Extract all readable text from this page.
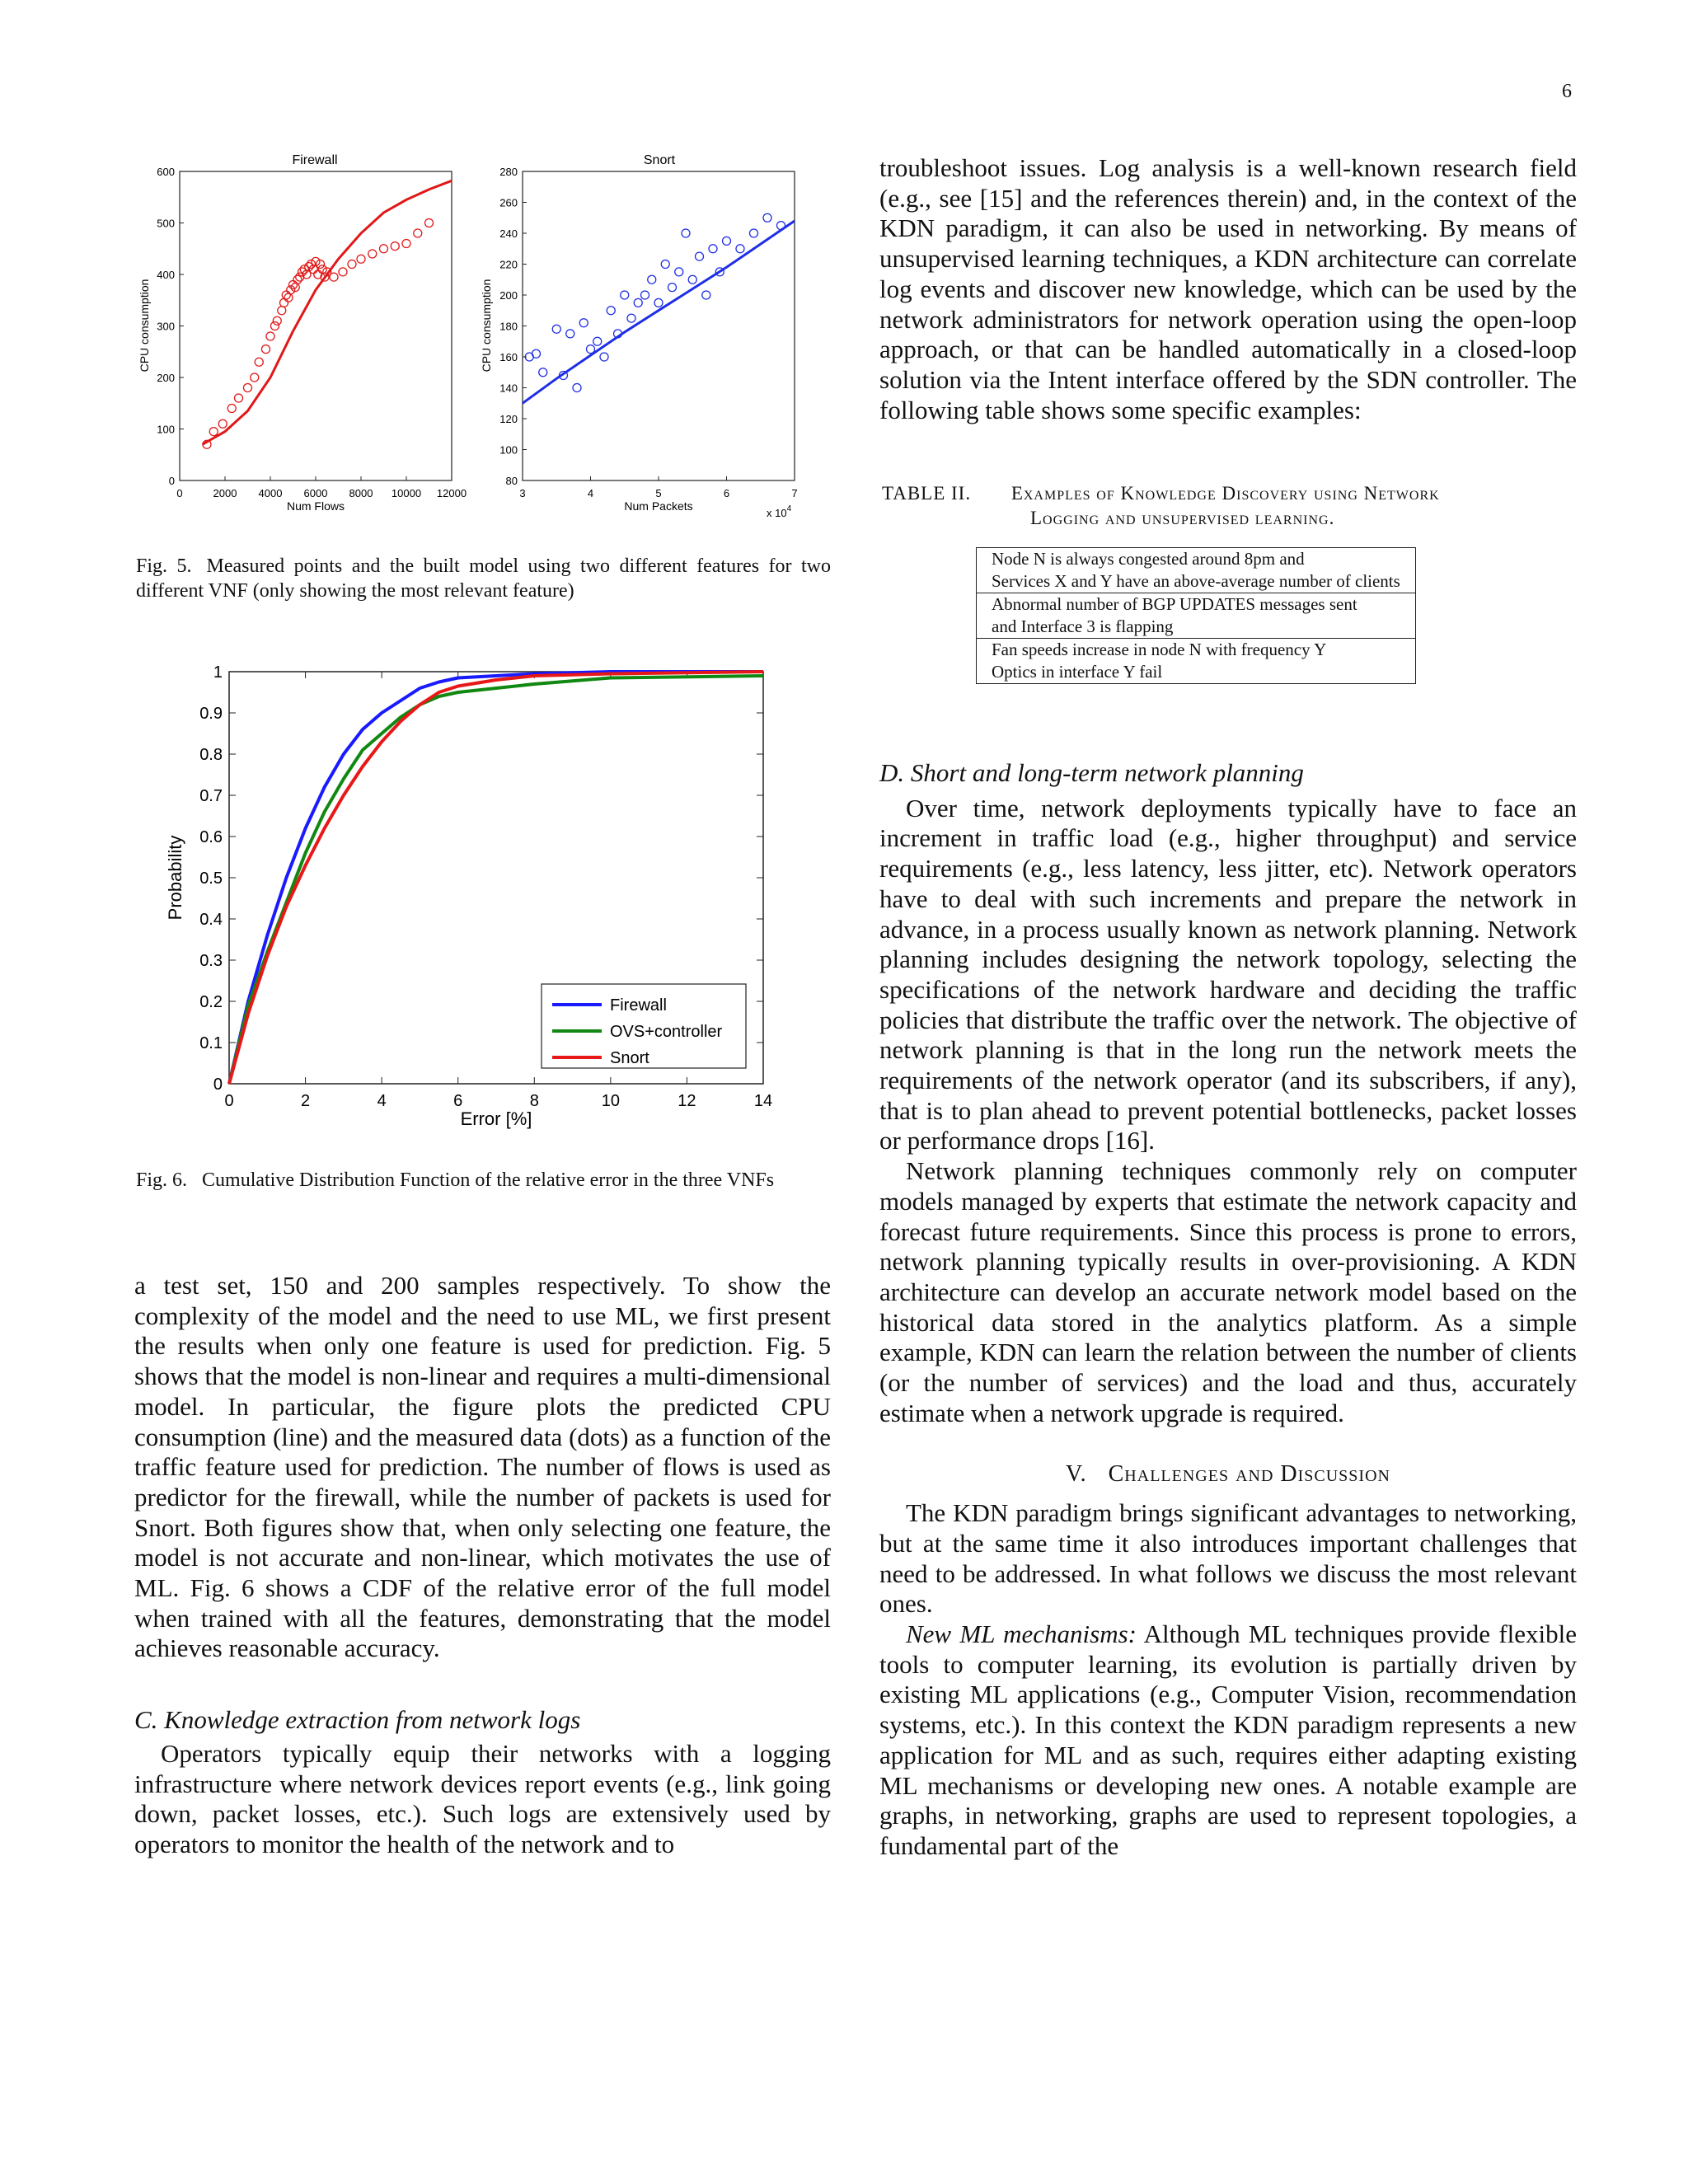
6
Firewall
0	2000 4000 6000 8000 10000 12000
0
100
200
300
400
500
600
Num Flows
CPU consumption
Snort
3	4	5	6	7
80
100
120
140
160
180
200
220
240
260
280
Num Packets
CPU consumption
x $10^4$
Fig. 5. Measured points and the built model using two different features for two different VNF (only showing the most relevant feature)
0	2	4	6	8	10	12	14
0
0.1
0.2
0.3
0.4
0.5
0.6
0.7
0.8
0.9
1
Firewall
OVS+controller
Snort
Error [%]
Probability
Fig. 6. Cumulative Distribution Function of the relative error in the three VNFs

a test set, 150 and 200 samples respectively. To show the complexity of the model and the need to use ML, we first present the results when only one feature is used for prediction. Fig. 5 shows that the model is non-linear and requires a multi-dimensional model. In particular, the figure plots the predicted CPU consumption (line) and the measured data (dots) as a function of the traffic feature used for prediction. The number of flows is used as predictor for the firewall, while the number of packets is used for Snort. Both figures show that, when only selecting one feature, the model is not accurate and non-linear, which motivates the use of ML. Fig. 6 shows a CDF of the relative error of the full model when trained with all the features, demonstrating that the model achieves reasonable accuracy.

C. Knowledge extraction from network logs

Operators typically equip their networks with a logging infrastructure where network devices report events (e.g., link going down, packet losses, etc.). Such logs are extensively used by operators to monitor the health of the network and to

troubleshoot issues. Log analysis is a well-known research field (e.g., see [15] and the references therein) and, in the context of the KDN paradigm, it can also be used in networking. By means of unsupervised learning techniques, a KDN architecture can correlate log events and discover new knowledge, which can be used by the network administrators for network operation using the open-loop approach, or that can be handled automatically in a closed-loop solution via the Intent interface offered by the SDN controller. The following table shows some specific examples:

TABLE II. Examples of Knowledge Discovery using Network
Logging and unsupervised learning.
Node N is always congested around 8pm and
Services X and Y have an above-average number of clients

Abnormal number of BGP UPDATES messages sent
and Interface 3 is flapping

Fan speeds increase in node N with frequency Y
Optics in interface Y fail
D. Short and long-term network planning

Over time, network deployments typically have to face an increment in traffic load (e.g., higher throughput) and service requirements (e.g., less latency, less jitter, etc). Network operators have to deal with such increments and prepare the network in advance, in a process usually known as network planning. Network planning includes designing the network topology, selecting the specifications of the network hardware and deciding the traffic policies that distribute the traffic over the network. The objective of network planning is that in the long run the network meets the requirements of the network operator (and its subscribers, if any), that is to plan ahead to prevent potential bottlenecks, packet losses or performance drops [16].

Network planning techniques commonly rely on computer models managed by experts that estimate the network capacity and forecast future requirements. Since this process is prone to errors, network planning typically results in over-provisioning. A KDN architecture can develop an accurate network model based on the historical data stored in the analytics platform. As a simple example, KDN can learn the relation between the number of clients (or the number of services) and the load and thus, accurately estimate when a network upgrade is required.

V. Challenges and Discussion

The KDN paradigm brings significant advantages to networking, but at the same time it also introduces important challenges that need to be addressed. In what follows we discuss the most relevant ones.

New ML mechanisms: Although ML techniques provide flexible tools to computer learning, its evolution is partially driven by existing ML applications (e.g., Computer Vision, recommendation systems, etc.). In this context the KDN paradigm represents a new application for ML and as such, requires either adapting existing ML mechanisms or developing new ones. A notable example are graphs, in networking, graphs are used to represent topologies, a fundamental part of the
